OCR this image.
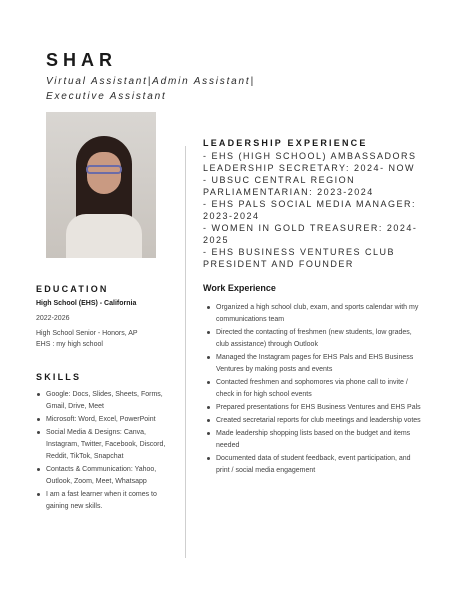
SHAR
Virtual Assistant|Admin Assistant| Executive Assistant
EDUCATION
High School (EHS) - California
2022-2026
High School Senior - Honors, AP
EHS : my high school
SKILLS
Google: Docs, Slides, Sheets, Forms, Gmail, Drive, Meet
Microsoft: Word, Excel, PowerPoint
Social Media & Designs: Canva, Instagram, Twitter, Facebook, Discord, Reddit, TikTok, Snapchat
Contacts & Communication: Yahoo, Outlook, Zoom, Meet, Whatsapp
I am a fast learner when it comes to gaining new skills.
LEADERSHIP EXPERIENCE
- EHS (HIGH SCHOOL) AMBASSADORS LEADERSHIP SECRETARY: 2024- NOW
- UBSUC CENTRAL REGION PARLIAMENTARIAN: 2023-2024
- EHS PALS SOCIAL MEDIA MANAGER: 2023-2024
- WOMEN IN GOLD TREASURER: 2024-2025
- EHS BUSINESS VENTURES CLUB PRESIDENT AND FOUNDER
Work Experience
Organized a high school club, exam, and sports calendar with my communications team
Directed the contacting of freshmen (new students, low grades, club assistance) through Outlook
Managed the Instagram pages for EHS Pals and EHS Business Ventures by making posts and events
Contacted freshmen and sophomores via phone call to invite / check in for high school events
Prepared presentations for EHS Business Ventures and EHS Pals
Created secretarial reports for club meetings and leadership votes
Made leadership shopping lists based on the budget and items needed
Documented data of student feedback, event participation, and print / social media engagement
